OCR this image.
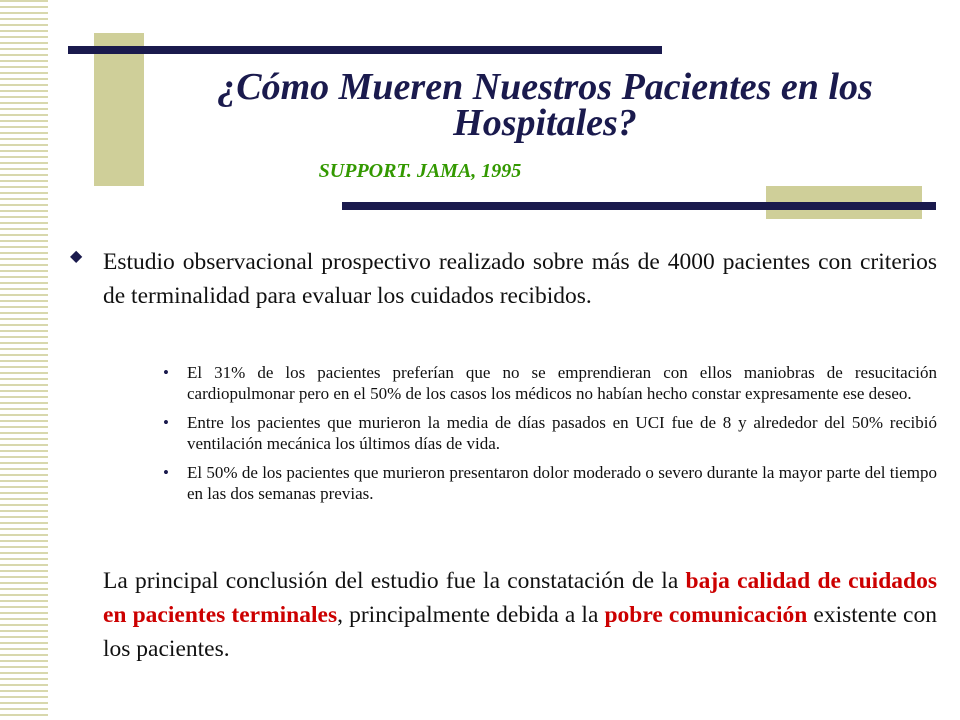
¿Cómo Mueren Nuestros Pacientes en los Hospitales?
SUPPORT. JAMA, 1995
◆ Estudio observacional prospectivo realizado sobre más de 4000 pacientes con criterios de terminalidad para evaluar los cuidados recibidos.
• El 31% de los pacientes preferían que no se emprendieran con ellos maniobras de resucitación cardiopulmonar pero en el 50% de los casos los médicos no habían hecho constar expresamente ese deseo.
• Entre los pacientes que murieron la media de días pasados en UCI fue de 8 y alrededor del 50% recibió ventilación mecánica los últimos días de vida.
• El 50% de los pacientes que murieron presentaron dolor moderado o severo durante la mayor parte del tiempo en las dos semanas previas.
La principal conclusión del estudio fue la constatación de la baja calidad de cuidados en pacientes terminales, principalmente debida a la pobre comunicación existente con los pacientes.
